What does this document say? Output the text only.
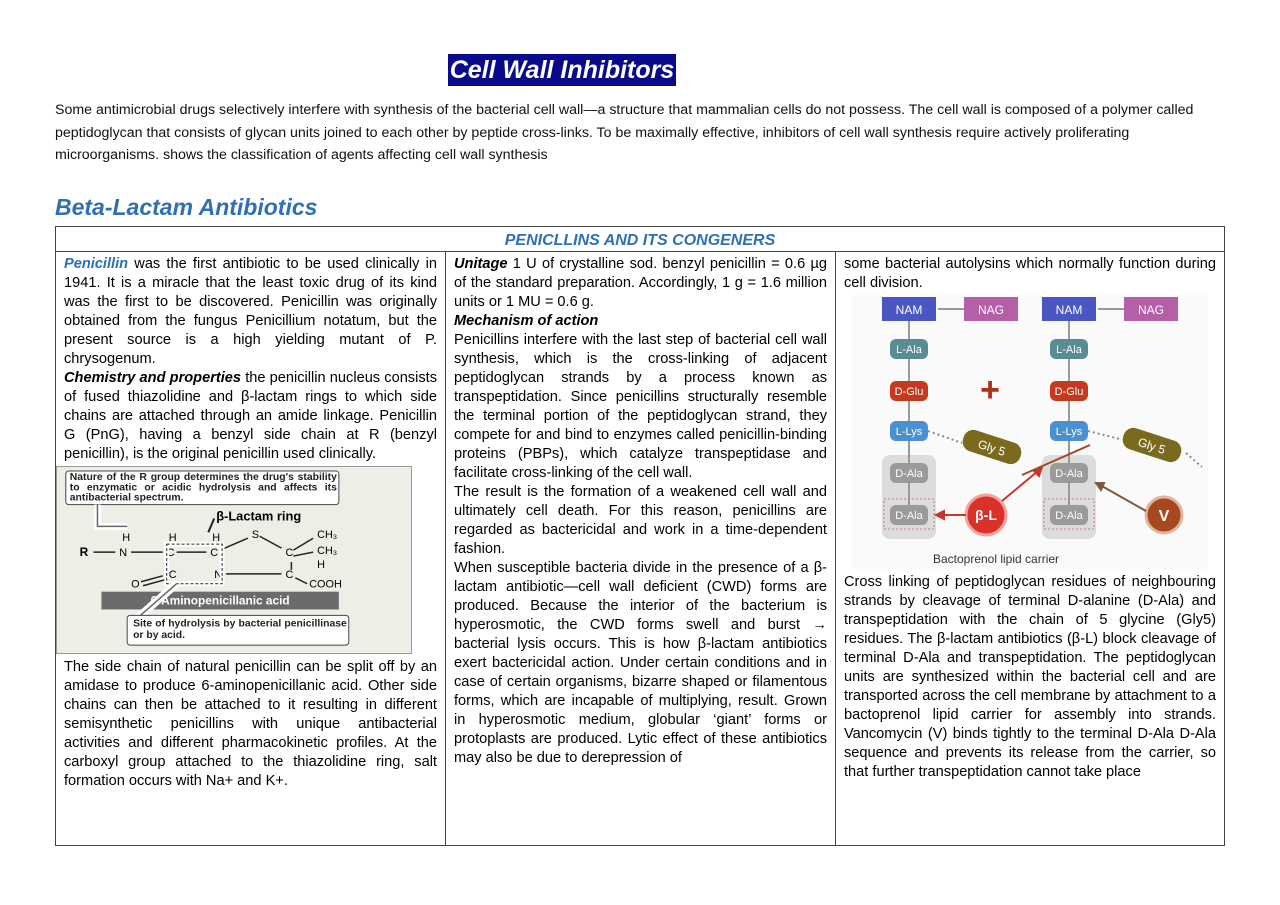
Cell Wall Inhibitors
Some antimicrobial drugs selectively interfere with synthesis of the bacterial cell wall—a structure that mammalian cells do not possess. The cell wall is composed of a polymer called peptidoglycan that consists of glycan units joined to each other by peptide cross-links. To be maximally effective, inhibitors of cell wall synthesis require actively proliferating microorganisms. shows the classification of agents affecting cell wall synthesis
Beta-Lactam Antibiotics
PENICLLINS AND ITS CONGENERS

Penicillin was the first antibiotic to be used clinically in 1941. It is a miracle that the least toxic drug of its kind was the first to be discovered. Penicillin was originally obtained from the fungus Penicillium notatum, but the present source is a high yielding mutant of P. chrysogenum.

Chemistry and properties the penicillin nucleus consists of fused thiazolidine and β-lactam rings to which side chains are attached through an amide linkage. Penicillin G (PnG), having a benzyl side chain at R (benzyl penicillin), is the original penicillin used clinically.

Nature of the R group determines the drug's stability to enzymatic or acidic hydrolysis and affects its antibacterial spectrum.
β-Lactam ring
H	H	H	S	CH₃
R	N	C	C	C CH₃
H
C	N	C
O	COOH
6-Aminopenicillanic acid
Site of hydrolysis by bacterial penicillinase or by acid.

The side chain of natural penicillin can be split off by an amidase to produce 6-aminopenicillanic acid. Other side chains can then be attached to it resulting in different semisynthetic penicillins with unique antibacterial activities and different pharmacokinetic profiles. At the carboxyl group attached to the thiazolidine ring, salt formation occurs with Na+ and K+.

Unitage 1 U of crystalline sod. benzyl penicillin = 0.6 µg of the standard preparation. Accordingly, 1 g = 1.6 million units or 1 MU = 0.6 g.

Mechanism of action

Penicillins interfere with the last step of bacterial cell wall synthesis, which is the cross-linking of adjacent peptidoglycan strands by a process known as transpeptidation. Since penicillins structurally resemble the terminal portion of the peptidoglycan strand, they compete for and bind to enzymes called penicillin-binding proteins (PBPs), which catalyze transpeptidase and facilitate cross-linking of the cell wall.

The result is the formation of a weakened cell wall and ultimately cell death. For this reason, penicillins are regarded as bactericidal and work in a time-dependent fashion.

When susceptible bacteria divide in the presence of a β-lactam antibiotic—cell wall deficient (CWD) forms are produced. Because the interior of the bacterium is hyperosmotic, the CWD forms swell and burst → bacterial lysis occurs. This is how β-lactam antibiotics exert bactericidal action. Under certain conditions and in case of certain organisms, bizarre shaped or filamentous forms, which are incapable of multiplying, result. Grown in hyperosmotic medium, globular ‘giant’ forms or protoplasts are produced. Lytic effect of these antibiotics may also be due to derepression of

some bacterial autolysins which normally function during cell division.

NAM	NAG	NAM	NAG
L-Ala	L-Ala
D-Glu	D-Glu
+
L-Lys	L-Lys
Gly 5	Gly 5
D-Ala	D-Ala
D-Ala	D-Ala
β-L	V
Bactoprenol lipid carrier

Cross linking of peptidoglycan residues of neighbouring strands by cleavage of terminal D-alanine (D-Ala) and transpeptidation with the chain of 5 glycine (Gly5) residues. The β-lactam antibiotics (β-L) block cleavage of terminal D-Ala and transpeptidation. The peptidoglycan units are synthesized within the bacterial cell and are transported across the cell membrane by attachment to a bactoprenol lipid carrier for assembly into strands. Vancomycin (V) binds tightly to the terminal D-Ala D-Ala sequence and prevents its release from the carrier, so that further transpeptidation cannot take place
